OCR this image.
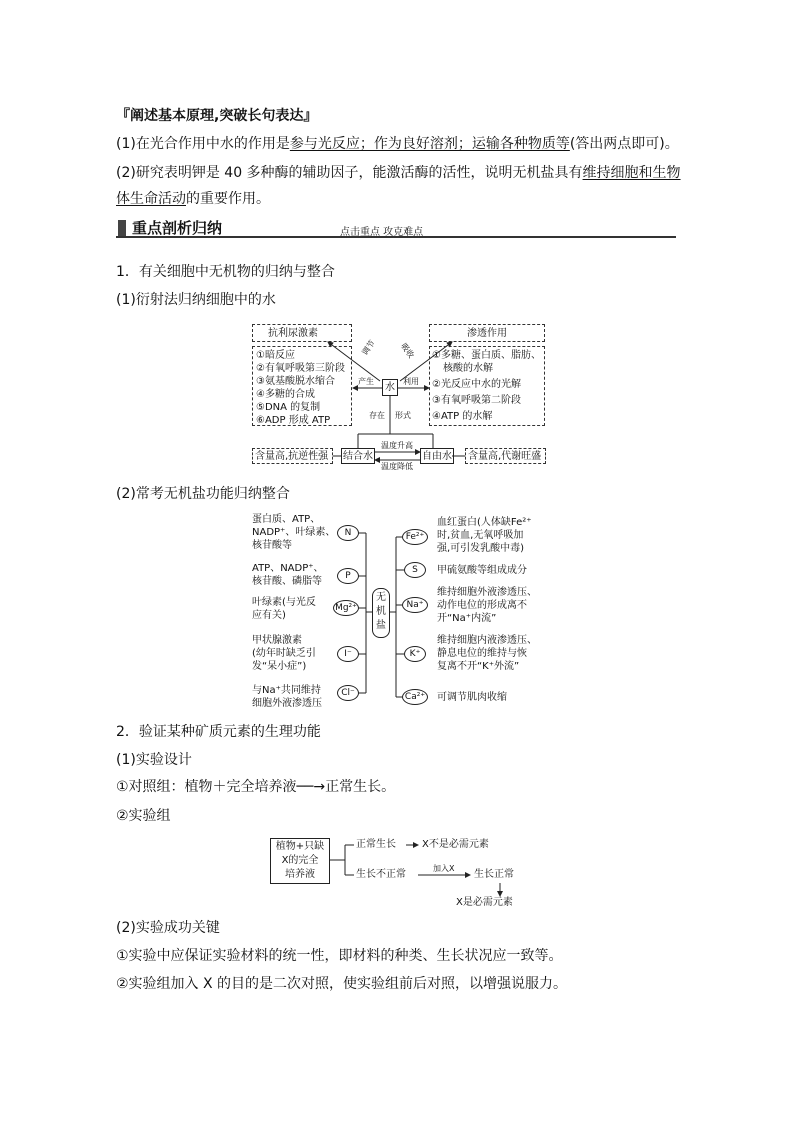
『阐述基本原理,突破长句表达』
(1)在光合作用中水的作用是参与光反应；作为良好溶剂；运输各种物质等(答出两点即可)。
(2)研究表明钾是 40 多种酶的辅助因子，能激活酶的活性，说明无机盐具有维持细胞和生物
体生命活动的重要作用。
重点剖析归纳	点击重点 攻克难点
1．有关细胞中无机物的归纳与整合
(1)衍射法归纳细胞中的水
抗利尿激素	渗透作用
①暗反应
②有氧呼吸第三阶段
③氨基酸脱水缩合
④多糖的合成
⑤DNA 的复制
⑥ADP 形成 ATP
①多糖、蛋白质、脂肪、
核酸的水解
②光反应中水的光解
③有氧呼吸第二阶段
④ATP 的水解
水
调节	吸收
产生	利用
存在 形式
结合水	自由水
温度升高
温度降低
含量高,抗逆性强	含量高,代谢旺盛
(2)常考无机盐功能归纳整合
无
机
盐
蛋白质、ATP、
NADP⁺、叶绿素、
核苷酸等
N
ATP、NADP⁺、
核苷酸、磷脂等	P
叶绿素(与光反
应有关)
Mg²⁺
甲状腺激素
(幼年时缺乏引
发“呆小症”)
I⁻
与Na⁺共同维持
细胞外液渗透压
Cl⁻
Fe²⁺
血红蛋白(人体缺Fe²⁺
时,贫血,无氧呼吸加
强,可引发乳酸中毒)
S	甲硫氨酸等组成成分
Na⁺
维持细胞外液渗透压、
动作电位的形成离不
开“Na⁺内流”
K⁺
维持细胞内液渗透压、
静息电位的维持与恢
复离不开“K⁺外流”
Ca²⁺ 可调节肌肉收缩
2．验证某种矿质元素的生理功能
(1)实验设计
①对照组：植物＋完全培养液──→正常生长。
②实验组
植物+只缺
X的完全
培养液
正常生长	X不是必需元素
生长不正常
加入X
生长正常
X是必需元素
(2)实验成功关键
①实验中应保证实验材料的统一性，即材料的种类、生长状况应一致等。
②实验组加入 X 的目的是二次对照，使实验组前后对照，以增强说服力。
